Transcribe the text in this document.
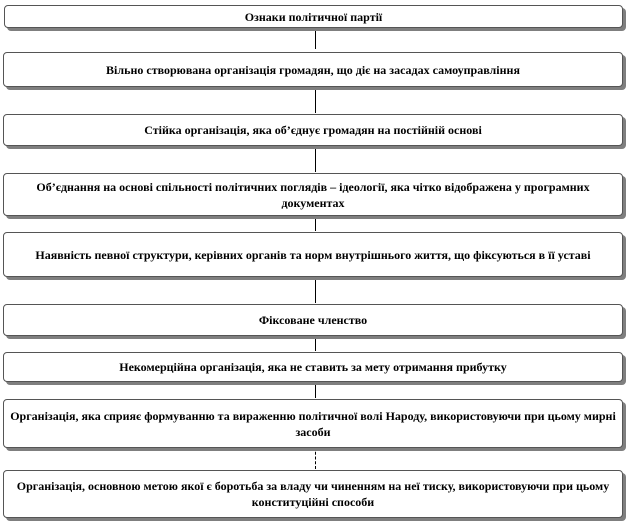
Ознаки політичної партії
Вільно створювана організація громадян, що діє на засадах самоуправління
Стійка організація, яка об’єднує громадян на постійній основі
Об’єднання на основі спільності політичних поглядів – ідеології, яка чітко відображена у програмних документах
Наявність певної структури, керівних органів та норм внутрішнього життя, що фіксуються в її уставі
Фіксоване членство
Некомерційна організація, яка не ставить за мету отримання прибутку
Організація, яка сприяє формуванню та вираженню політичної волі Народу, використовуючи при цьому мирні засоби
Організація, основною метою якої є боротьба за владу чи чиненням на неї тиску, використовуючи при цьому конституційні способи
